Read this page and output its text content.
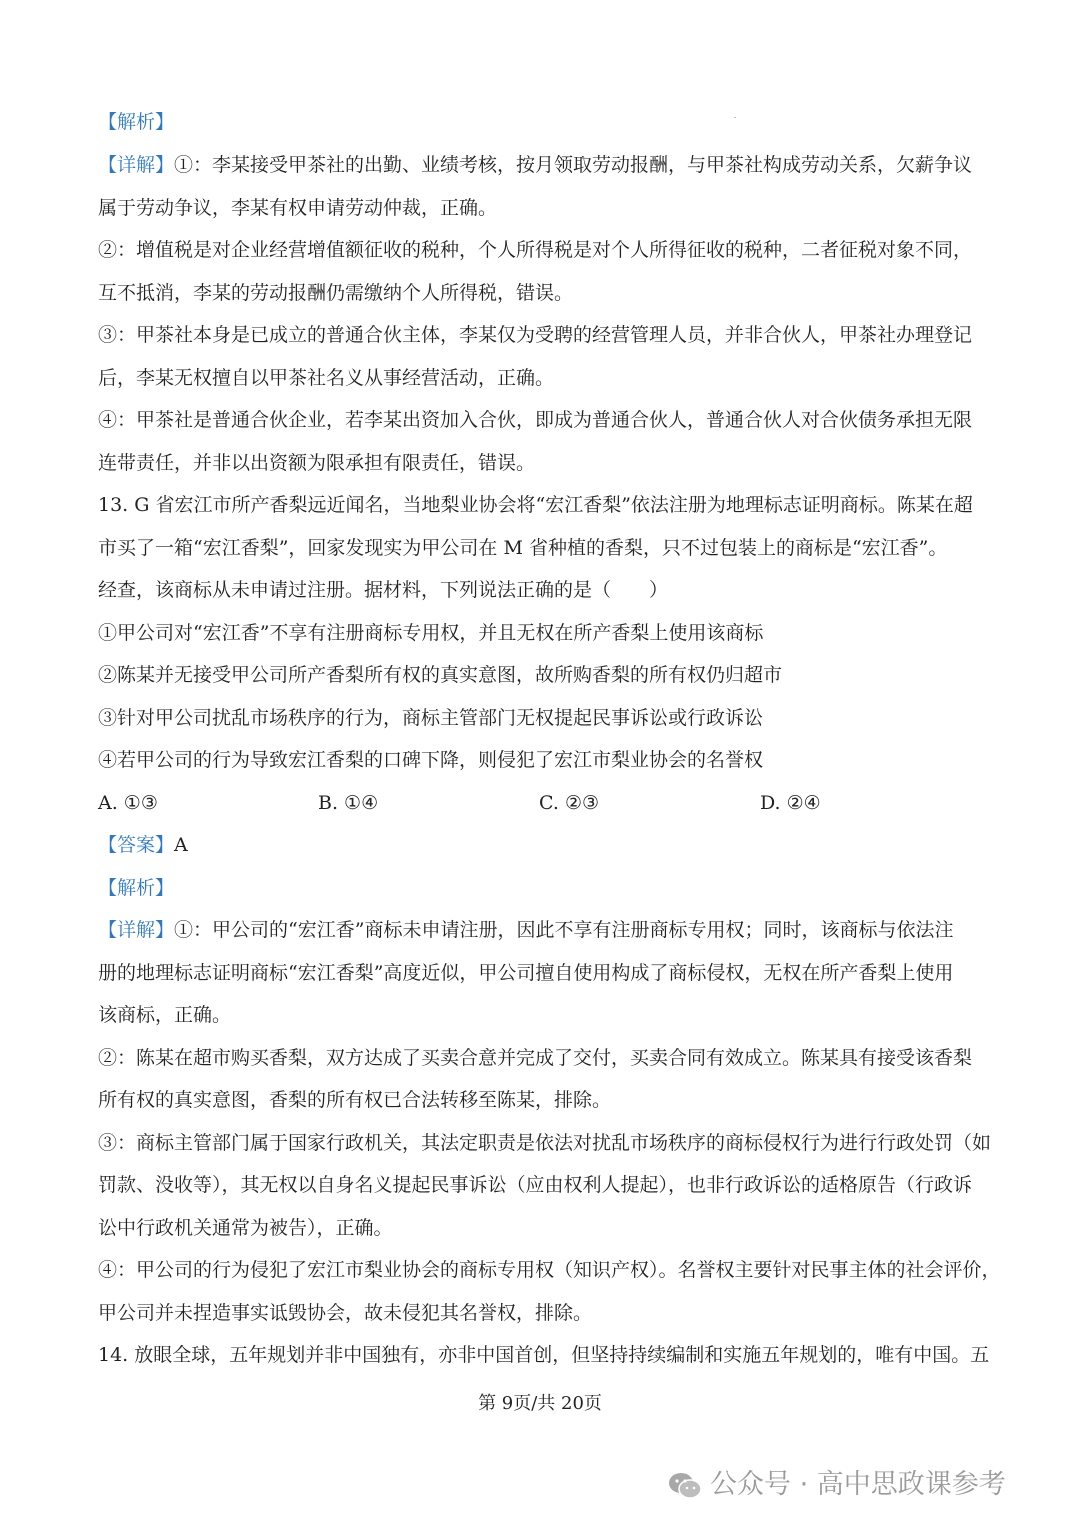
【解析】

【详解】①：李某接受甲茶社的出勤、业绩考核，按月领取劳动报酬，与甲茶社构成劳动关系，欠薪争议

属于劳动争议，李某有权申请劳动仲裁，正确。

②：增值税是对企业经营增值额征收的税种，个人所得税是对个人所得征收的税种，二者征税对象不同，

互不抵消，李某的劳动报酬仍需缴纳个人所得税，错误。

③：甲茶社本身是已成立的普通合伙主体，李某仅为受聘的经营管理人员，并非合伙人，甲茶社办理登记

后，李某无权擅自以甲茶社名义从事经营活动，正确。

④：甲茶社是普通合伙企业，若李某出资加入合伙，即成为普通合伙人，普通合伙人对合伙债务承担无限

连带责任，并非以出资额为限承担有限责任，错误。

13. G 省宏江市所产香梨远近闻名，当地梨业协会将“宏江香梨”依法注册为地理标志证明商标。陈某在超

市买了一箱“宏江香梨”，回家发现实为甲公司在 M 省种植的香梨，只不过包装上的商标是“宏江香”。

经查，该商标从未申请过注册。据材料，下列说法正确的是（　　）

①甲公司对“宏江香”不享有注册商标专用权，并且无权在所产香梨上使用该商标

②陈某并无接受甲公司所产香梨所有权的真实意图，故所购香梨的所有权仍归超市

③针对甲公司扰乱市场秩序的行为，商标主管部门无权提起民事诉讼或行政诉讼

④若甲公司的行为导致宏江香梨的口碑下降，则侵犯了宏江市梨业协会的名誉权

A. ①③	B. ①④	C. ②③	D. ②④

【答案】A

【解析】

【详解】①：甲公司的“宏江香”商标未申请注册，因此不享有注册商标专用权；同时，该商标与依法注

册的地理标志证明商标“宏江香梨”高度近似，甲公司擅自使用构成了商标侵权，无权在所产香梨上使用

该商标，正确。

②：陈某在超市购买香梨，双方达成了买卖合意并完成了交付，买卖合同有效成立。陈某具有接受该香梨

所有权的真实意图，香梨的所有权已合法转移至陈某，排除。

③：商标主管部门属于国家行政机关，其法定职责是依法对扰乱市场秩序的商标侵权行为进行行政处罚（如

罚款、没收等），其无权以自身名义提起民事诉讼（应由权利人提起），也非行政诉讼的适格原告（行政诉

讼中行政机关通常为被告），正确。

④：甲公司的行为侵犯了宏江市梨业协会的商标专用权（知识产权）。名誉权主要针对民事主体的社会评价，

甲公司并未捏造事实诋毁协会，故未侵犯其名誉权，排除。

14. 放眼全球，五年规划并非中国独有，亦非中国首创，但坚持持续编制和实施五年规划的，唯有中国。五

第 9页/共 20页
公众号 · 高中思政课参考
